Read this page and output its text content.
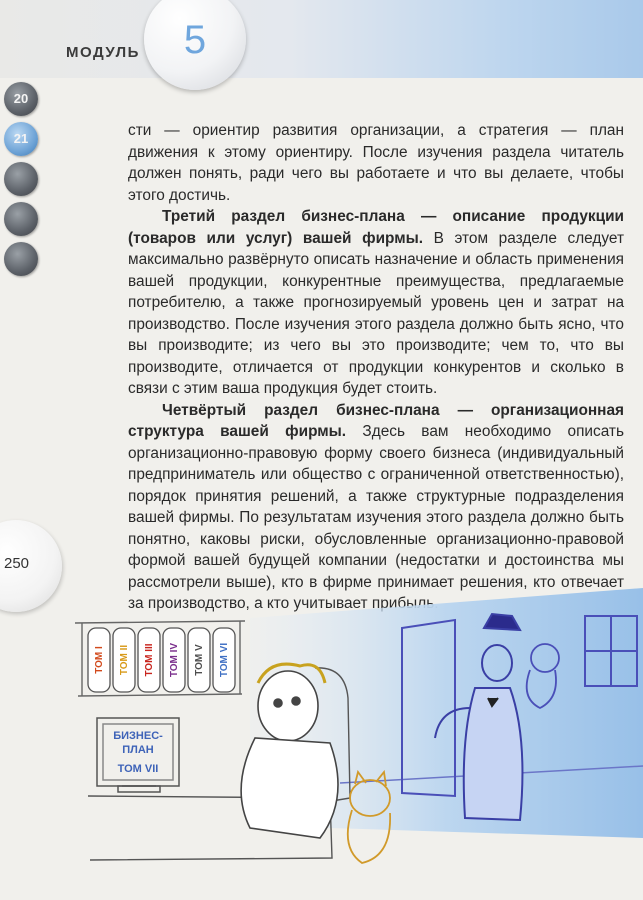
МОДУЛЬ	5
20
21
250

сти — ориентир развития организации, а стратегия — план движения к этому ориентиру. После изучения раздела читатель должен понять, ради чего вы работаете и что вы делаете, чтобы этого достичь.

Третий раздел бизнес-плана — описание продукции (товаров или услуг) вашей фирмы. В этом разделе следует максимально развёрнуто описать назначение и область применения вашей продукции, конкурентные преимущества, предлагаемые потребителю, а также прогнозируемый уровень цен и затрат на производство. После изучения этого раздела должно быть ясно, что вы производите; из чего вы это производите; чем то, что вы производите, отличается от продукции конкурентов и сколько в связи с этим ваша продукция будет стоить.

Четвёртый раздел бизнес-плана — организационная структура вашей фирмы. Здесь вам необходимо описать организационно-правовую форму своего бизнеса (индивидуальный предприниматель или общество с ограниченной ответственностью), порядок принятия решений, а также структурные подразделения вашей фирмы. По результатам изучения этого раздела должно быть понятно, каковы риски, обусловленные организационно-правовой формой вашей будущей компании (недостатки и достоинства мы рассмотрели выше), кто в фирме принимает решения, кто отвечает за производство, а кто учитывает прибыль.

ТОМ I ТОМ II ТОМ III ТОМ IV ТОМ V ТОМ VI
БИЗНЕС-
ПЛАН
ТОМ VII
